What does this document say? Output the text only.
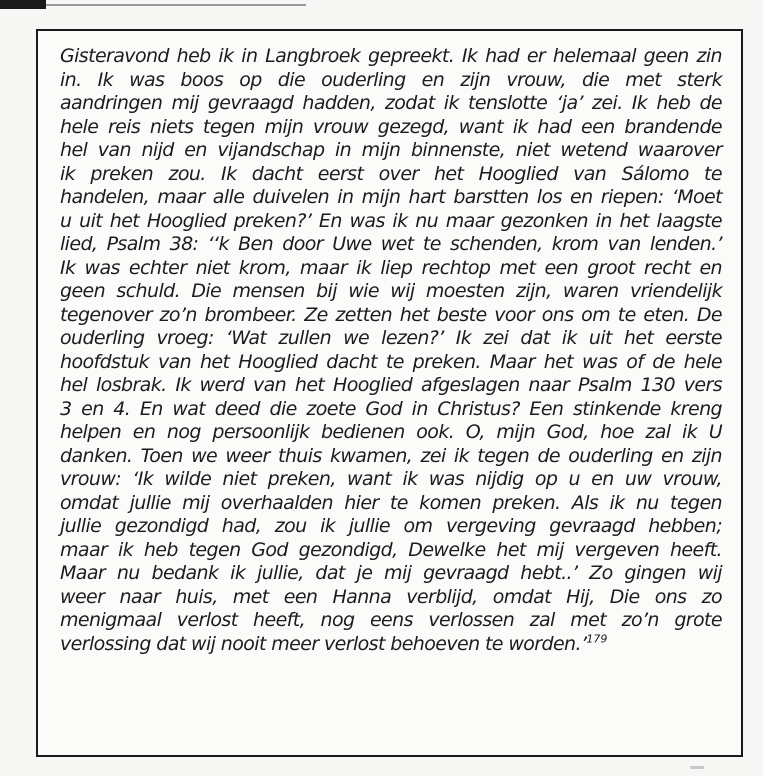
Gisteravond heb ik in Langbroek gepreekt. Ik had er helemaal geen zin
in. Ik was boos op die ouderling en zijn vrouw, die met sterk
aandringen mij gevraagd hadden, zodat ik tenslotte ‘ja’ zei. Ik heb de
hele reis niets tegen mijn vrouw gezegd, want ik had een brandende
hel van nijd en vijandschap in mijn binnenste, niet wetend waarover
ik preken zou. Ik dacht eerst over het Hooglied van Sálomo te
handelen, maar alle duivelen in mijn hart barstten los en riepen: ‘Moet
u uit het Hooglied preken?’ En was ik nu maar gezonken in het laagste
lied, Psalm 38: ‘‘k Ben door Uwe wet te schenden, krom van lenden.’
Ik was echter niet krom, maar ik liep rechtop met een groot recht en
geen schuld. Die mensen bij wie wij moesten zijn, waren vriendelijk
tegenover zo’n brombeer. Ze zetten het beste voor ons om te eten. De
ouderling vroeg: ‘Wat zullen we lezen?’ Ik zei dat ik uit het eerste
hoofdstuk van het Hooglied dacht te preken. Maar het was of de hele
hel losbrak. Ik werd van het Hooglied afgeslagen naar Psalm 130 vers
3 en 4. En wat deed die zoete God in Christus? Een stinkende kreng
helpen en nog persoonlijk bedienen ook. O, mijn God, hoe zal ik U
danken. Toen we weer thuis kwamen, zei ik tegen de ouderling en zijn
vrouw: ‘Ik wilde niet preken, want ik was nijdig op u en uw vrouw,
omdat jullie mij overhaalden hier te komen preken. Als ik nu tegen
jullie gezondigd had, zou ik jullie om vergeving gevraagd hebben;
maar ik heb tegen God gezondigd, Dewelke het mij vergeven heeft.
Maar nu bedank ik jullie, dat je mij gevraagd hebt..’ Zo gingen wij
weer naar huis, met een Hanna verblijd, omdat Hij, Die ons zo
menigmaal verlost heeft, nog eens verlossen zal met zo’n grote
verlossing dat wij nooit meer verlost behoeven te worden.’$^{179}$
